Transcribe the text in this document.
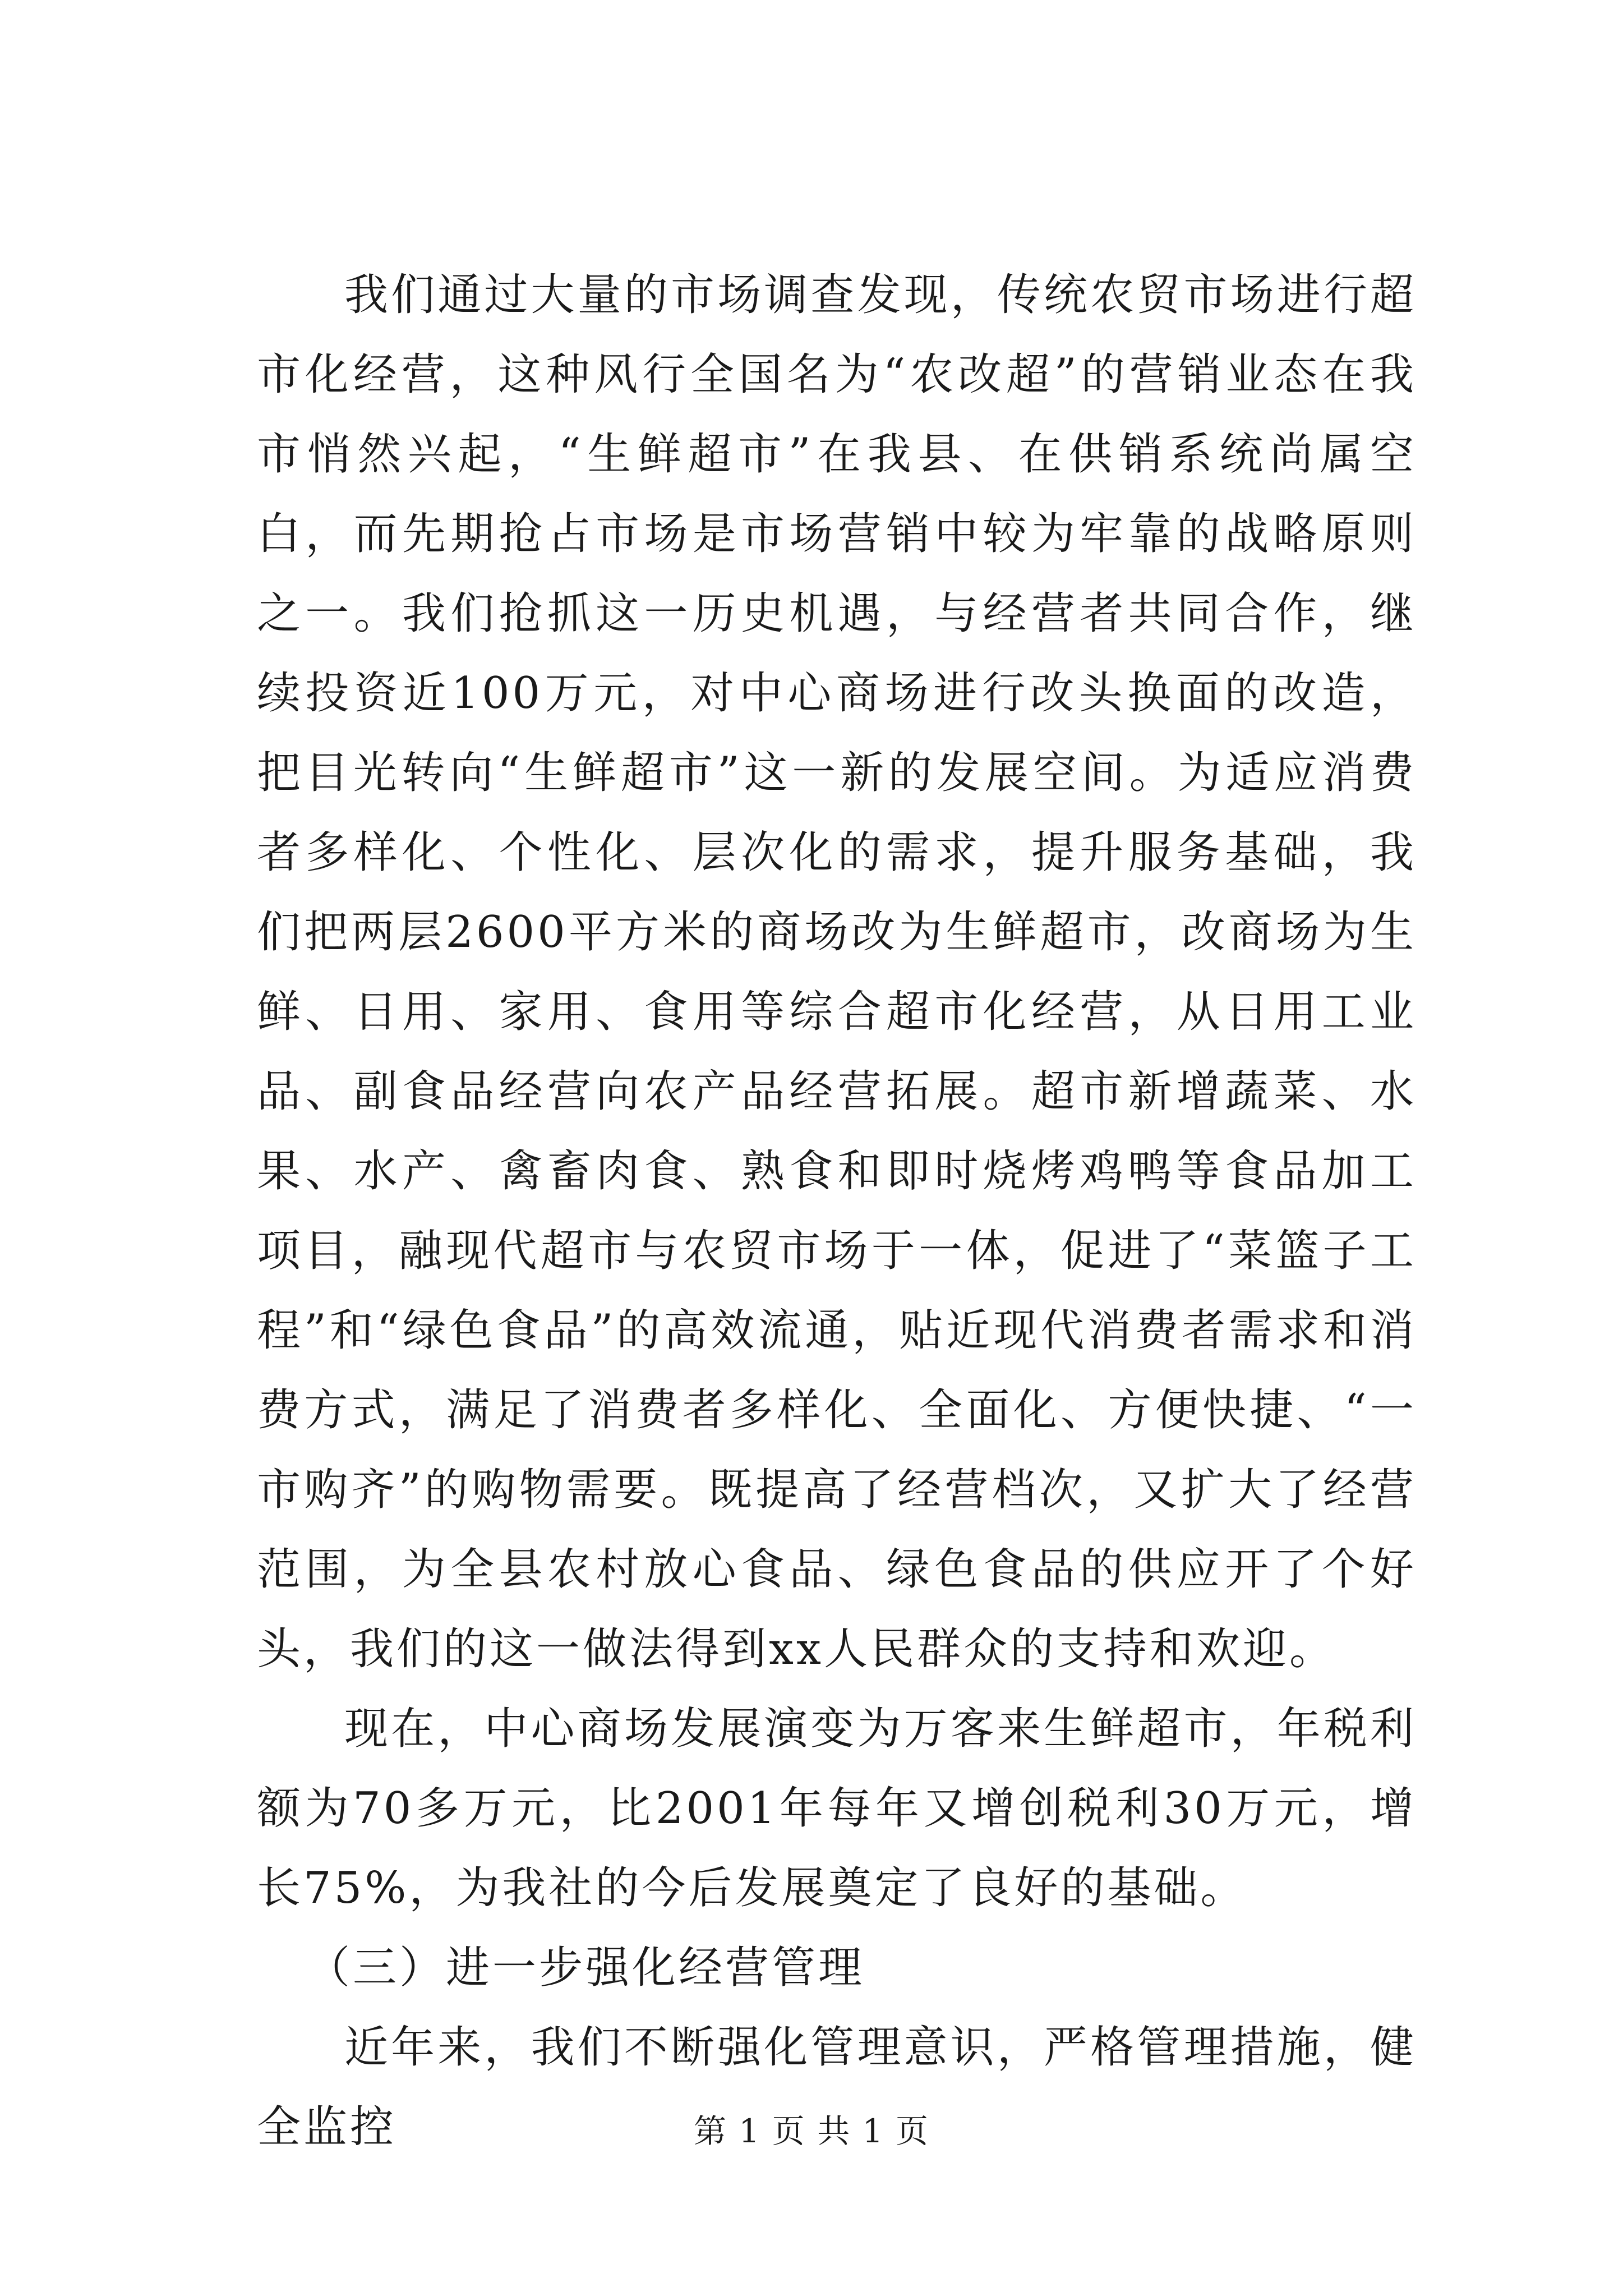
我们通过大量的市场调查发现，传统农贸市场进行超市化经营，这种风行全国名为“农改超”的营销业态在我市悄然兴起，“生鲜超市”在我县、在供销系统尚属空白，而先期抢占市场是市场营销中较为牢靠的战略原则之一。我们抢抓这一历史机遇，与经营者共同合作，继续投资近100万元，对中心商场进行改头换面的改造，把目光转向“生鲜超市”这一新的发展空间。为适应消费者多样化、个性化、层次化的需求，提升服务基础，我们把两层2600平方米的商场改为生鲜超市，改商场为生鲜、日用、家用、食用等综合超市化经营，从日用工业品、副食品经营向农产品经营拓展。超市新增蔬菜、水果、水产、禽畜肉食、熟食和即时烧烤鸡鸭等食品加工项目，融现代超市与农贸市场于一体，促进了“菜篮子工程”和“绿色食品”的高效流通，贴近现代消费者需求和消费方式，满足了消费者多样化、全面化、方便快捷、“一市购齐”的购物需要。既提高了经营档次，又扩大了经营范围，为全县农村放心食品、绿色食品的供应开了个好头，我们的这一做法得到xx人民群众的支持和欢迎。

现在，中心商场发展演变为万客来生鲜超市，年税利额为70多万元，比2001年每年又增创税利30万元，增长75%，为我社的今后发展奠定了良好的基础。

（三）进一步强化经营管理

近年来，我们不断强化管理意识，严格管理措施，健全监控	第 1 页 共 1 页
